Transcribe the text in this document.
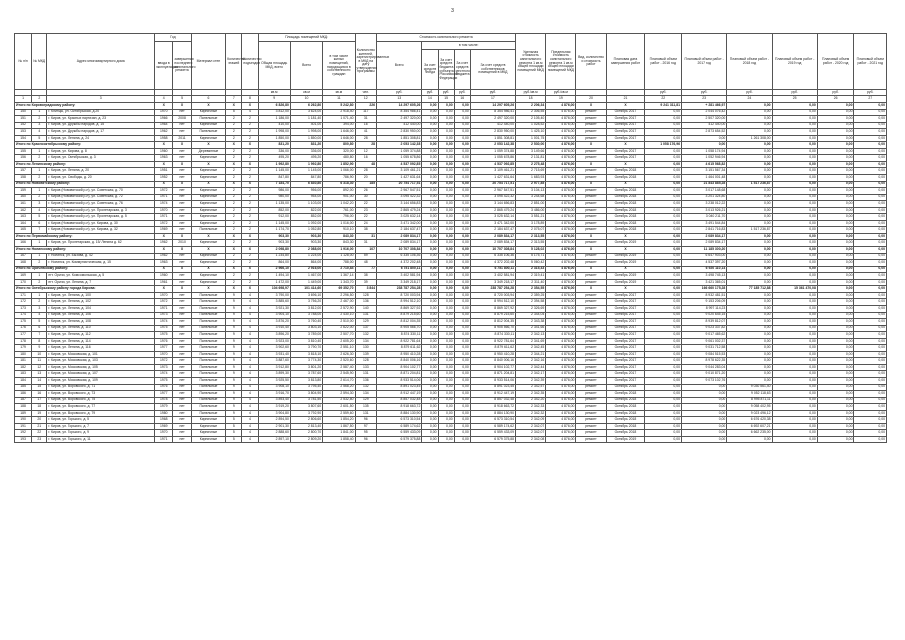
3
№ п/п	№ МКД	Адрес многоквартирного дома	Год		Материал стен	Количество этажей	Количество подъездов	Площадь помещений МКД:			Количество жителей, зарегистрированных в МКД на дату утверждения программы	Стоимость капитального ремонта					Удельная стоимость капитального ремонта 1 кв.м общей площади помещений МКД	Предельная стоимость капитального ремонта 1 кв.м общей площади помещений МКД	Вид, количество и стоимость работ	Плановая дата завершения работ	Плановый объем работ - 2016 год	Плановый объем работ - 2017 год	Плановый объем работ - 2018 год	Плановый объем работ - 2019 год	Плановый объем работ - 2020 год	Плановый объем работ - 2021 год
			ввода в эксплуатацию	завершения последнего капитального ремонта				Общая площадь МКД, всего	Всего	в том числе жилых помещений, находящихся в собственности граждан		Всего	в том числе:													
													За счет средств Фонда	За счет средств бюджета субъекта Российской Федерации	За счет средств местного бюджета	За счет средств собственников помещений в МКД										
								кв.м	кв.м	кв.м	чел.	руб.	руб.	руб.	руб.	руб.	руб./кв.м	руб./кв.м			руб.	руб.	руб.	руб.	руб.	руб.
1	2	3	4	5	6	7	8	9	10	11	12	13	14	15	16	17	18	19	20	21	22	23	24	25	26	27
Итого по Кировоградскому району:			X	X	X	X	X	6 826,80	6 262,80	5 242,80	226	14 297 605,26	0,00	0,00	0,00	14 297 605,26	2 206,34	4 876,00	X	X	9 241 311,81	+ 281 466,97	0,00	0,00	0,00	0,00
150	1	г. Клинцы, ул. Октябрьская, д.20	1970	нет	Кирпичные	5	4	3 812,00	3 624,00	2 918,40	117	8 354 986,41	0,00	0,00	0,00	8 354 986,41	2 306,55	4 876,00	ремонт	Октябрь 2017	0,00	2 044 076,42	0,00	0,00	0,00	0,00
151	2	г. Киров, ул. Красных партизан, д. 23	1966	2008	Панельные	2	2	1 186,00	1 181,40	1 071,40	31	2 497 320,00	0,00	0,00	0,00	2 497 320,00	2 105,40	4 876,00	ремонт	Октябрь 2017	0,00	2 507 320,00	0,00	0,00	0,00	0,00
152	3	г. Киров, ул. Дружбы народов, д. 15	1964	нет	Кирпичные	2	2	410,00	401,00	394,00	16	412 440,00	0,00	0,00	0,00	412 440,00	1 028,52	4 876,00	ремонт	Октябрь 2017	0,00	412 440,00	0,00	0,00	0,00	0,00
153	4	г. Киров, ул. Дружбы народов, д. 17	1962	нет	Панельные	2	2	1 998,00	1 998,00	1 646,00	41	2 830 950,00	0,00	0,00	0,00	2 830 950,00	1 425,10	4 876,00	ремонт	Октябрь 2017	0,00	2 873 654,52	0,00	0,00	0,00	0,00
154	5	г. Киров, ул. Ленина, д. 24	1958	2011	Кирпичные	2	2	1 850,00	1 850,00	1 646,00	28	1 851 308,81	0,00	0,00	0,00	1 851 308,81	1 001,75	4 876,00	ремонт	Октябрь 2017	0,00	0,00	1 261 308,00	0,00	0,00	0,00
Итого по Краснооктябрьскому району:			X	X	X	X	X	831,20	831,20	800,80	28	2 053 142,38	0,00	0,00	0,00	2 053 142,38	2 530,00	4 876,00	X	X	1 058 176,96	0,00	0,00	0,00	0,00	0,00
155	1	г. Киров, ул. Кирова, д. 8	1960	нет	Деревянные	2	2	336,00	336,00	320,00	12	1 059 374,88	0,00	0,00	0,00	1 059 374,88	3 149,66	4 876,00	ремонт	Октябрь 2017	0,00	1 058 174,94	0,00	0,00	0,00	0,00
156	2	г. Киров, ул. Октябрьская, д. 3	1963	нет	Кирпичные	2	2	495,20	495,20	480,80	16	1 055 678,86	0,00	0,00	0,00	1 055 678,86	2 131,81	4 876,00	ремонт	Октябрь 2017	0,00	1 052 946,94	0,00	0,00	0,00	0,00
Итого по Ленинскому району:			X	X	X	X	X	1 992,80	1 992,80	1 852,90	48	4 537 092,85	0,00	0,00	0,00	4 537 092,85	2 275,48	4 876,00	X	X	0,00	4 615 568,82	0,00	0,00	0,00	0,00
157	1	г. Киров, ул. Ленина, д. 20	1951	нет	Кирпичные	2	2	1 145,00	1 145,00	1 066,00	28	3 109 461,21	0,00	0,00	0,00	3 109 461,21	2 715,69	4 876,00	ремонт	Октябрь 2018	0,00	3 151 567,34	0,00	0,00	0,00	0,00
158	2	г. Киров, ул. Свободы, д. 20	1952	нет	Кирпичные	2	2	847,80	847,80	786,90	20	1 427 631,64	0,00	0,00	0,00	1 427 631,64	1 683,93	4 876,00	ремонт	Октябрь 2018	0,00	1 464 001,48	0,00	0,00	0,00	0,00
Итого по Нововятскому району:			X	X	X	X	X	7 184,70	6 830,80	6 318,30	185	20 754 717,51	0,00	0,00	0,00	20 754 717,51	2 977,85	4 876,00	X	X	0,00	21 843 885,28	1 517 236,87	0,00	0,00	0,00
159	1	г. Киров (Нововятский р-н), ул. Советская, д. 70	1972	нет	Кирпичные	2	2	986,00	956,00	892,00	26	2 967 547,51	0,00	0,00	0,00	2 967 547,51	3 104,13	4 876,00	ремонт	Октябрь 2018	0,00	3 017 148,68	0,00	0,00	0,00	0,00
160	2	г. Киров (Нововятский р-н), ул. Советская, д. 72	1971	нет	Кирпичные	2	2	980,00	954,00	901,00	30	3 095 422,32	0,00	0,00	0,00	3 095 422,32	3 244,68	4 876,00	ремонт	Октябрь 2018	0,00	3 201 324,80	0,00	0,00	0,00	0,00
161	3	г. Киров (Нововятский р-н), ул. Советская, д. 76	1974	нет	Кирпичные	2	2	1 135,00	1 103,00	1 042,20	22	3 144 656,83	0,00	0,00	0,00	3 144 656,83	2 851,00	4 876,00	ремонт	Октябрь 2018	0,00	3 238 012,22	0,00	0,00	0,00	0,00
162	4	г. Киров (Нововятский р-н), ул. Пролетарская, д. 3	1970	нет	Кирпичные	2	2	852,00	822,00	761,00	23	2 865 479,24	0,00	0,00	0,00	2 865 479,24	3 486,00	4 876,00	ремонт	Октябрь 2018	0,00	3 013 926,21	0,00	0,00	0,00	0,00
163	5	г. Киров (Нововятский р-н), ул. Пролетарская, д. 5	1971	нет	Кирпичные	2	2	912,00	852,00	796,00	22	3 025 632,14	0,00	0,00	0,00	3 025 632,14	3 551,21	4 876,00	ремонт	Октябрь 2018	0,00	3 040 211,70	0,00	0,00	0,00	0,00
164	6	г. Киров (Нововятский р-н), ул. Кирова, д. 30	1972	нет	Кирпичные	2	2	1 145,00	1 092,00	1 016,00	24	3 471 342,00	0,00	0,00	0,00	3 471 342,00	3 178,89	4 876,00	ремонт	Октябрь 2018	0,00	3 491 544,84	0,00	0,00	0,00	0,00
165	7	г. Киров (Нововятский р-н), ул. Кирова, д. 32	1969	нет	Панельные	2	2	1 174,70	1 052,80	910,10	38	2 184 637,47	0,00	0,00	0,00	2 184 637,47	2 075,07	4 876,00	ремонт	Октябрь 2018	0,00	2 841 716,83	1 517 236,87	0,00	0,00	0,00
Итого по Первомайскому району:			X	X	X	X	X	903,30	903,30	843,30	31	2 089 834,17	0,00	0,00	0,00	2 089 834,17	2 313,55	4 876,00	X	X	0,00	2 089 834,17	0,00	0,00	0,00	0,00
166	1	г. Киров, ул. Пролетарская, д. 15/ Ленина д. 62	1962	2010	Кирпичные	2	2	903,30	903,30	843,30	31	2 089 834,17	0,00	0,00	0,00	2 089 834,17	2 313,55	4 876,00	ремонт	Октябрь 2019	0,00	2 089 834,17	0,00	0,00	0,00	0,00
Итого по Нолинскому району:			X	X	X	X	X	2 098,80	2 088,00	1 916,00	107	10 707 308,84	0,00	0,00	0,00	10 707 308,84	5 128,02	4 876,00	X	X	0,00	11 185 300,20	0,00	0,00	0,00	0,00
167	1	г. Нолинск, ул. Бызова, д. 42	1962	нет	Кирпичные	2	2	1 234,80	1 224,00	1 128,00	59	6 335 106,36	0,00	0,00	0,00	6 335 106,36	5 175,71	4 876,00	ремонт	Октябрь 2019	0,00	6 647 903,00	0,00	0,00	0,00	0,00
168	2	г. Нолинск, ул. Коммунистическая, д. 15	1963	нет	Кирпичные	2	2	864,00	864,00	788,00	48	4 372 202,48	0,00	0,00	0,00	4 372 202,48	5 060,42	4 876,00	ремонт	Октябрь 2019	0,00	4 537 397,20	0,00	0,00	0,00	0,00
Итого по Оричевскому району:			X	X	X	X	X	2 966,10	2 916,00	2 710,84	77	6 751 800,11	0,00	0,00	0,00	6 751 800,11	2 315,43	4 876,00	X	X	0,00	6 920 110,14	0,00	0,00	0,00	0,00
169	1	пгт. Оричи, ул. Комсомольская, д. 5	1960	нет	Кирпичные	2	2	1 494,10	1 467,00	1 367,14	38	3 402 581,94	0,00	0,00	0,00	3 402 581,94	2 319,41	4 876,00	ремонт	Октябрь 2019	0,00	3 498 745,13	0,00	0,00	0,00	0,00
170	2	пгт. Оричи, ул. Ленина, д. 7	1961	нет	Кирпичные	2	2	1 472,00	1 449,00	1 343,70	39	3 349 218,17	0,00	0,00	0,00	3 349 218,17	2 311,40	4 876,00	ремонт	Октябрь 2019	0,00	3 421 365,01	0,00	0,00	0,00	0,00
Итого по Октябрьскому району города Кирова:			X	X	X	X	X	104 698,97	101 414,60	69 352,70	3 844	238 787 254,28	0,00	0,00	0,00	238 787 254,28	2 354,55	4 876,00	X	X	0,00	166 660 175,28	77 185 712,88	15 361 470,08	0,00	0,00
171	1	г. Киров, ул. Ленина, д. 100	1970	нет	Панельные	9	4	3 790,00	3 696,10	2 296,50	128	8 720 003,94	0,00	0,00	0,00	8 720 003,94	2 359,25	4 876,00	ремонт	Октябрь 2017	0,00	8 932 481,51	0,00	0,00	0,00	0,00
172	2	г. Киров, ул. Ленина, д. 102	1972	нет	Панельные	9	4	3 885,60	3 756,20	2 467,00	136	8 994 512,10	0,00	0,00	0,00	8 994 512,10	2 394,58	4 876,00	ремонт	Октябрь 2017	0,00	9 153 206,09	0,00	0,00	0,00	0,00
173	3	г. Киров, ул. Ленина, д. 104	1971	нет	Панельные	9	4	3 921,30	3 812,00	2 572,90	140	8 869 327,92	0,00	0,00	0,00	8 869 327,92	2 326,69	4 876,00	ремонт	Октябрь 2017	0,00	8 997 114,23	0,00	0,00	0,00	0,00
174	4	г. Киров, ул. Ленина, д. 106	1973	нет	Панельные	9	4	3 904,10	3 788,00	2 430,10	131	8 879 215,60	0,00	0,00	0,00	8 879 215,60	2 344,04	4 876,00	ремонт	Октябрь 2017	0,00	9 020 645,15	0,00	0,00	0,00	0,00
175	5	г. Киров, ул. Ленина, д. 108	1974	нет	Панельные	9	4	3 876,20	3 760,40	2 510,00	129	8 812 004,35	0,00	0,00	0,00	8 812 004,35	2 343,38	4 876,00	ремонт	Октябрь 2017	0,00	8 939 812,07	0,00	0,00	0,00	0,00
176	6	г. Киров, ул. Ленина, д. 110	1975	нет	Панельные	9	4	3 910,40	3 803,10	2 622,00	137	8 905 566,70	0,00	0,00	0,00	8 905 566,70	2 341,66	4 876,00	ремонт	Октябрь 2017	0,00	9 023 337,82	0,00	0,00	0,00	0,00
177	7	г. Киров, ул. Ленина, д. 112	1975	нет	Панельные	9	4	3 896,20	3 789,00	2 507,70	132	8 874 330,11	0,00	0,00	0,00	8 874 330,11	2 342,13	4 876,00	ремонт	Октябрь 2017	0,00	9 017 465,62	0,00	0,00	0,00	0,00
178	8	г. Киров, ул. Ленина, д. 114	1976	нет	Панельные	9	4	3 923,00	3 810,40	2 605,20	134	8 922 781,64	0,00	0,00	0,00	8 922 781,64	2 341,69	4 876,00	ремонт	Октябрь 2017	0,00	9 061 002,37	0,00	0,00	0,00	0,00
179	9	г. Киров, ул. Ленина, д. 116	1977	нет	Панельные	9	4	3 902,60	3 790,70	2 551,10	130	8 879 611,62	0,00	0,00	0,00	8 879 611,62	2 342,45	4 876,00	ремонт	Октябрь 2017	0,00	9 031 712,58	0,00	0,00	0,00	0,00
180	10	г. Киров, ул. Московская, д. 101	1970	нет	Панельные	9	4	3 931,40	3 818,10	2 626,30	139	8 950 410,28	0,00	0,00	0,00	8 950 410,28	2 344,21	4 876,00	ремонт	Октябрь 2017	0,00	9 084 515,53	0,00	0,00	0,00	0,00
181	11	г. Киров, ул. Московская, д. 103	1972	нет	Панельные	9	4	3 887,60	3 774,30	2 520,60	128	8 840 006,16	0,00	0,00	0,00	8 840 006,16	2 342,16	4 876,00	ремонт	Октябрь 2017	0,00	8 978 622,35	0,00	0,00	0,00	0,00
182	12	г. Киров, ул. Московская, д. 105	1973	нет	Панельные	9	4	3 912,80	3 801,20	2 587,40	133	8 904 102,77	0,00	0,00	0,00	8 904 102,77	2 342,44	4 876,00	ремонт	Октябрь 2017	0,00	9 044 283,04	0,00	0,00	0,00	0,00
183	13	г. Киров, ул. Московская, д. 107	1974	нет	Панельные	9	4	3 899,30	3 787,60	2 545,90	131	8 871 204,81	0,00	0,00	0,00	8 871 204,81	2 342,17	4 876,00	ремонт	Октябрь 2017	0,00	9 010 871,20	0,00	0,00	0,00	0,00
184	14	г. Киров, ул. Московская, д. 109	1975	нет	Панельные	9	4	3 925,50	3 813,80	2 614,70	136	8 933 514,06	0,00	0,00	0,00	8 933 514,06	2 342,39	4 876,00	ремонт	Октябрь 2017	0,00	9 073 102,76	0,00	0,00	0,00	0,00
185	15	г. Киров, ул. Воровского, д. 71	1976	нет	Панельные	9	4	3 908,10	3 795,40	2 568,20	132	8 891 023,45	0,00	0,00	0,00	8 891 023,45	2 342,57	4 876,00	ремонт	Октябрь 2018	0,00	0,00	9 030 561,40	0,00	0,00	0,00
186	16	г. Киров, ул. Воровского, д. 73	1977	нет	Панельные	9	4	3 916,70	3 804,90	2 594,30	134	8 912 447,19	0,00	0,00	0,00	8 912 447,19	2 342,35	4 876,00	ремонт	Октябрь 2018	0,00	0,00	9 052 118,63	0,00	0,00	0,00
187	17	г. Киров, ул. Воровского, д. 75	1978	нет	Панельные	9	4	3 893,40	3 781,50	2 532,80	129	8 857 032,48	0,00	0,00	0,00	8 857 032,48	2 342,20	4 876,00	ремонт	Октябрь 2018	0,00	0,00	8 995 871,11	0,00	0,00	0,00
188	18	г. Киров, ул. Воровского, д. 77	1979	нет	Панельные	9	4	3 919,20	3 807,60	2 601,50	135	8 918 663,72	0,00	0,00	0,00	8 918 663,72	2 342,33	4 876,00	ремонт	Октябрь 2018	0,00	0,00	9 058 402,95	0,00	0,00	0,00
189	19	г. Киров, ул. Воровского, д. 79	1980	нет	Панельные	9	4	3 904,80	3 792,90	2 559,60	131	8 884 130,90	0,00	0,00	0,00	8 884 130,90	2 342,32	4 876,00	ремонт	Октябрь 2018	0,00	0,00	9 023 496,12	0,00	0,00	0,00
190	20	г. Киров, ул. Горького, д. 5	1968	нет	Кирпичные	5	4	2 894,50	2 806,60	1 854,20	96	6 573 310,54	0,00	0,00	0,00	6 573 310,54	2 342,09	4 876,00	ремонт	Октябрь 2018	0,00	0,00	6 676 420,38	0,00	0,00	0,00
191	21	г. Киров, ул. Горького, д. 7	1969	нет	Кирпичные	5	4	2 901,30	2 813,40	1 867,50	97	6 589 174,62	0,00	0,00	0,00	6 589 174,62	2 342,07	4 876,00	ремонт	Октябрь 2018	0,00	0,00	6 692 607,21	0,00	0,00	0,00
192	22	г. Киров, ул. Горького, д. 9	1970	нет	Кирпичные	5	4	2 888,60	2 800,70	1 841,00	95	6 559 433,09	0,00	0,00	0,00	6 559 433,09	2 342,07	4 876,00	ремонт	Октябрь 2018	0,00	0,00	6 662 235,00	0,00	0,00	0,00
193	23	г. Киров, ул. Горького, д. 11	1971	нет	Кирпичные	5	4	2 897,10	2 809,20	1 858,40	96	6 579 375,88	0,00	0,00	0,00	6 579 375,88	2 342,08	4 876,00	ремонт	Октябрь 2019	0,00	0,00	0,00	0,00	0,00	0,00
